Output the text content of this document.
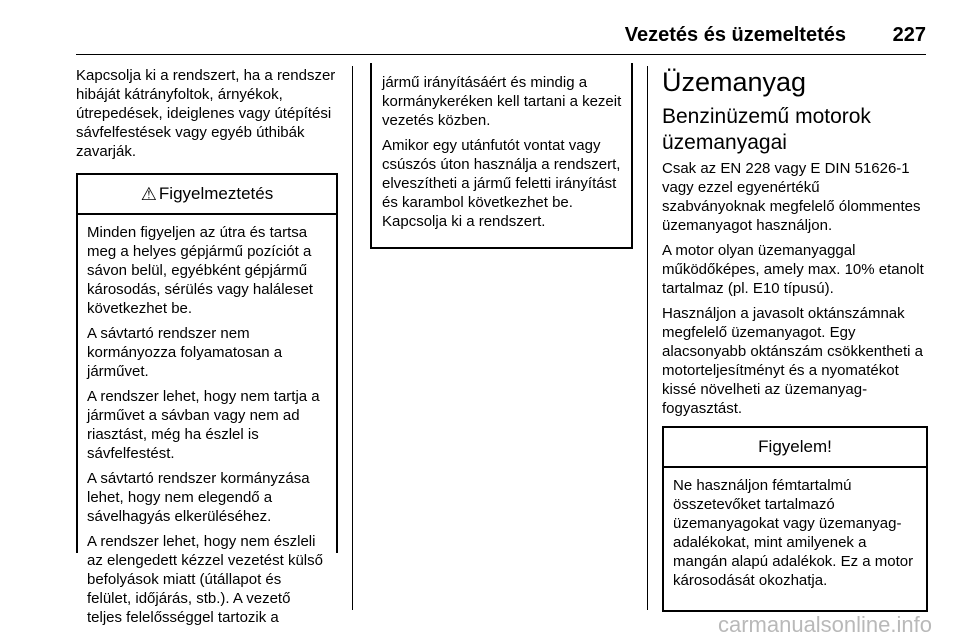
Vezetés és üzemeltetés 227

Kapcsolja ki a rendszert, ha a rendszer hibáját kátrányfoltok, árnyékok, útrepedések, ideiglenes vagy útépítési sávfelfestések vagy egyéb úthibák zavarják.

⚠ Figyelmeztetés

Minden figyeljen az útra és tartsa meg a helyes gépjármű pozíciót a sávon belül, egyébként gépjármű károsodás, sérülés vagy haláleset következhet be.

A sávtartó rendszer nem kormányozza folyamatosan a járművet.

A rendszer lehet, hogy nem tartja a járművet a sávban vagy nem ad riasztást, még ha észlel is sávfelfestést.

A sávtartó rendszer kormányzása lehet, hogy nem elegendő a sávelhagyás elkerüléséhez.

A rendszer lehet, hogy nem észleli az elengedett kézzel vezetést külső befolyások miatt (útállapot és felület, időjárás, stb.). A vezető teljes felelősséggel tartozik a

jármű irányításáért és mindig a kormánykeréken kell tartani a kezeit vezetés közben.

Amikor egy utánfutót vontat vagy csúszós úton használja a rendszert, elveszítheti a jármű feletti irányítást és karambol következhet be. Kapcsolja ki a rendszert.

Üzemanyag
Benzinüzemű motorok üzemanyagai

Csak az EN 228 vagy E DIN 51626-1 vagy ezzel egyenértékű szabványoknak megfelelő ólommentes üzemanyagot használjon.

A motor olyan üzemanyaggal működőképes, amely max. 10% etanolt tartalmaz (pl. E10 típusú).

Használjon a javasolt oktánszámnak megfelelő üzemanyagot. Egy alacsonyabb oktánszám csökkentheti a motorteljesítményt és a nyomatékot kissé növelheti az üzemanyag-fogyasztást.

Figyelem!

Ne használjon fémtartalmú összetevőket tartalmazó üzemanyagokat vagy üzemanyag-adalékokat, mint amilyenek a mangán alapú adalékok. Ez a motor károsodását okozhatja.

carmanualsonline.info
